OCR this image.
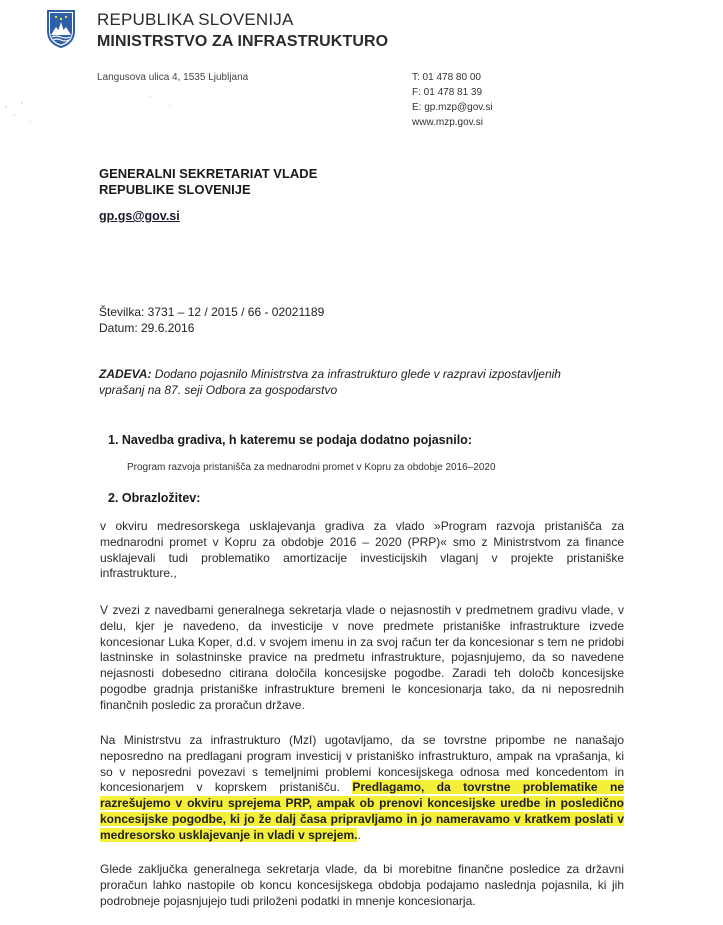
REPUBLIKA SLOVENIJA
MINISTRSTVO ZA INFRASTRUKTURO
Langusova ulica 4, 1535 Ljubljana	T: 01 478 80 00
F: 01 478 81 39
E: gp.mzp@gov.si
www.mzp.gov.si
GENERALNI SEKRETARIAT VLADE
REPUBLIKE SLOVENIJE
gp.gs@gov.si
Številka: 3731 – 12 / 2015 / 66 - 02021189
Datum: 29.6.2016
ZADEVA: Dodano pojasnilo Ministrstva za infrastrukturo glede v razpravi izpostavljenih vprašanj na 87. seji Odbora za gospodarstvo
1. Navedba gradiva, h kateremu se podaja dodatno pojasnilo:
Program razvoja pristanišča za mednarodni promet v Kopru za obdobje 2016–2020
2. Obrazložitev:
v okviru medresorskega usklajevanja gradiva za vlado »Program razvoja pristanišča za mednarodni promet v Kopru za obdobje 2016 – 2020 (PRP)« smo z Ministrstvom za finance usklajevali tudi problematiko amortizacije investicijskih vlaganj v projekte pristaniške infrastrukture.,
V zvezi z navedbami generalnega sekretarja vlade o nejasnostih v predmetnem gradivu vlade, v delu, kjer je navedeno, da investicije v nove predmete pristaniške infrastrukture izvede koncesionar Luka Koper, d.d. v svojem imenu in za svoj račun ter da koncesionar s tem ne pridobi lastninske in solastninske pravice na predmetu infrastrukture, pojasnjujemo, da so navedene nejasnosti dobesedno citirana določila koncesijske pogodbe. Zaradi teh določb koncesijske pogodbe gradnja pristaniške infrastrukture bremeni le koncesionarja tako, da ni neposrednih finančnih posledic za proračun države.
Na Ministrstvu za infrastrukturo (MzI) ugotavljamo, da se tovrstne pripombe ne nanašajo neposredno na predlagani program investicij v pristaniško infrastrukturo, ampak na vprašanja, ki so v neposredni povezavi s temeljnimi problemi koncesijskega odnosa med koncedentom in koncesionarjem v koprskem pristanišču. Predlagamo, da tovrstne problematike ne razrešujemo v okviru sprejema PRP, ampak ob prenovi koncesijske uredbe in posledično koncesijske pogodbe, ki jo že dalj časa pripravljamo in jo nameravamo v kratkem poslati v medresorsko usklajevanje in vladi v sprejem..
Glede zaključka generalnega sekretarja vlade, da bi morebitne finančne posledice za državni proračun lahko nastopile ob koncu koncesijskega obdobja podajamo naslednja pojasnila, ki jih podrobneje pojasnjujejo tudi priloženi podatki in mnenje koncesionarja.
